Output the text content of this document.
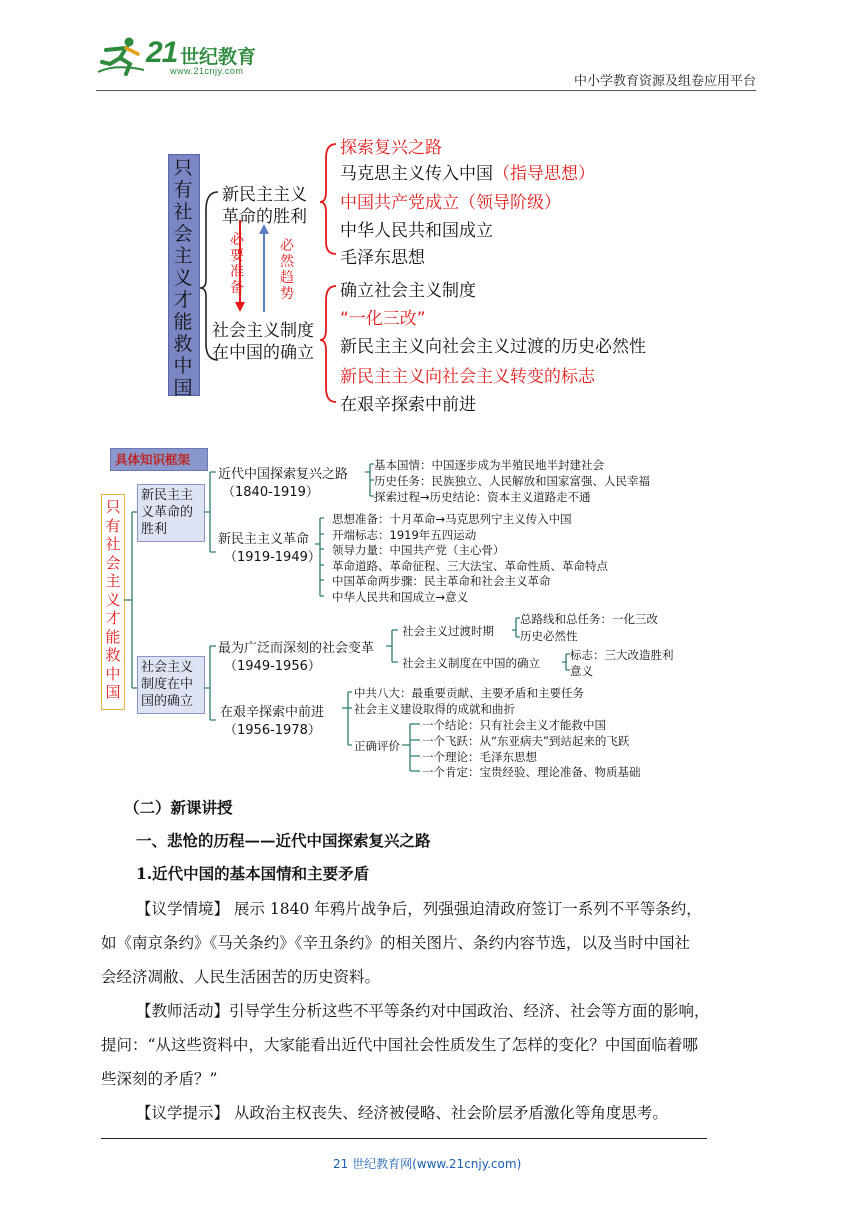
21 世纪教育
www.21cnjy.com
中小学教育资源及组卷应用平台
只
有
社
会
主
义
才
能
救
中
国
新民主主义
革命的胜利
社会主义制度
在中国的确立
必
要
准
备
必
然
趋
势
探索复兴之路
马克思主义传入中国（指导思想）
中国共产党成立（领导阶级）
中华人民共和国成立
毛泽东思想
确立社会主义制度
“一化三改”
新民主主义向社会主义过渡的历史必然性
新民主主义向社会主义转变的标志
在艰辛探索中前进
具体知识框架
只
有
社
会
主
义
才
能
救
中
国
新民主主
义革命的
胜利
社会主义
制度在中
国的确立
近代中国探索复兴之路
（1840-1919）
基本国情：中国逐步成为半殖民地半封建社会
历史任务：民族独立、人民解放和国家富强、人民幸福
探索过程→历史结论：资本主义道路走不通
新民主主义革命
（1919-1949）
思想准备：十月革命→马克思列宁主义传入中国
开端标志：1919年五四运动
领导力量：中国共产党（主心骨）
革命道路、革命征程、三大法宝、革命性质、革命特点
中国革命两步骤：民主革命和社会主义革命
中华人民共和国成立→意义
最为广泛而深刻的社会变革
（1949-1956）
社会主义过渡时期
总路线和总任务：一化三改
历史必然性
社会主义制度在中国的确立
标志：三大改造胜利
意义
在艰辛探索中前进
（1956-1978）
中共八大：最重要贡献、主要矛盾和主要任务
社会主义建设取得的成就和曲折
正确评价
一个结论：只有社会主义才能救中国
一个飞跃：从“东亚病夫”到站起来的飞跃
一个理论：毛泽东思想
一个肯定：宝贵经验、理论准备、物质基础
（二）新课讲授
一、悲怆的历程——近代中国探索复兴之路
1.近代中国的基本国情和主要矛盾
【议学情境】 展示 1840 年鸦片战争后，列强强迫清政府签订一系列不平等条约，
如《南京条约》《马关条约》《辛丑条约》的相关图片、条约内容节选，以及当时中国社
会经济凋敝、人民生活困苦的历史资料。
【教师活动】引导学生分析这些不平等条约对中国政治、经济、社会等方面的影响，
提问：“从这些资料中，大家能看出近代中国社会性质发生了怎样的变化？中国面临着哪
些深刻的矛盾？”
【议学提示】 从政治主权丧失、经济被侵略、社会阶层矛盾激化等角度思考。
21 世纪教育网(www.21cnjy.com)
